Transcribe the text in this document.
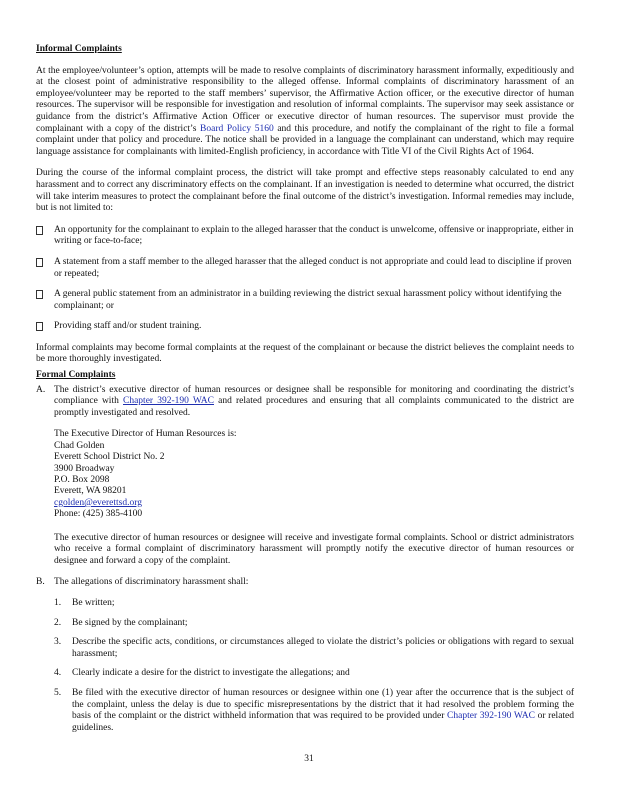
Informal Complaints

At the employee/volunteer’s option, attempts will be made to resolve complaints of discriminatory harassment informally, expeditiously and at the closest point of administrative responsibility to the alleged offense. Informal complaints of discriminatory harassment of an employee/volunteer may be reported to the staff members’ supervisor, the Affirmative Action officer, or the executive director of human resources. The supervisor will be responsible for investigation and resolution of informal complaints. The supervisor may seek assistance or guidance from the district’s Affirmative Action Officer or executive director of human resources. The supervisor must provide the complainant with a copy of the district’s Board Policy 5160 and this procedure, and notify the complainant of the right to file a formal complaint under that policy and procedure. The notice shall be provided in a language the complainant can understand, which may require language assistance for complainants with limited-English proficiency, in accordance with Title VI of the Civil Rights Act of 1964.

During the course of the informal complaint process, the district will take prompt and effective steps reasonably calculated to end any harassment and to correct any discriminatory effects on the complainant. If an investigation is needed to determine what occurred, the district will take interim measures to protect the complainant before the final outcome of the district’s investigation. Informal remedies may include, but is not limited to:

An opportunity for the complainant to explain to the alleged harasser that the conduct is unwelcome, offensive or inappropriate, either in writing or face-to-face;
A statement from a staff member to the alleged harasser that the alleged conduct is not appropriate and could lead to discipline if proven or repeated;
A general public statement from an administrator in a building reviewing the district sexual harassment policy without identifying the complainant; or
Providing staff and/or student training.

Informal complaints may become formal complaints at the request of the complainant or because the district believes the complaint needs to be more thoroughly investigated.

Formal Complaints
A. The district’s executive director of human resources or designee shall be responsible for monitoring and coordinating the district’s compliance with Chapter 392-190 WAC and related procedures and ensuring that all complaints communicated to the district are promptly investigated and resolved.

The Executive Director of Human Resources is:
Chad Golden
Everett School District No. 2
3900 Broadway
P.O. Box 2098
Everett, WA 98201
cgolden@everettsd.org
Phone: (425) 385-4100

The executive director of human resources or designee will receive and investigate formal complaints. School or district administrators who receive a formal complaint of discriminatory harassment will promptly notify the executive director of human resources or designee and forward a copy of the complaint.

B. The allegations of discriminatory harassment shall:

1. Be written;
2. Be signed by the complainant;
3. Describe the specific acts, conditions, or circumstances alleged to violate the district’s policies or obligations with regard to sexual harassment;
4. Clearly indicate a desire for the district to investigate the allegations; and
5. Be filed with the executive director of human resources or designee within one (1) year after the occurrence that is the subject of the complaint, unless the delay is due to specific misrepresentations by the district that it had resolved the problem forming the basis of the complaint or the district withheld information that was required to be provided under Chapter 392-190 WAC or related guidelines.
31
